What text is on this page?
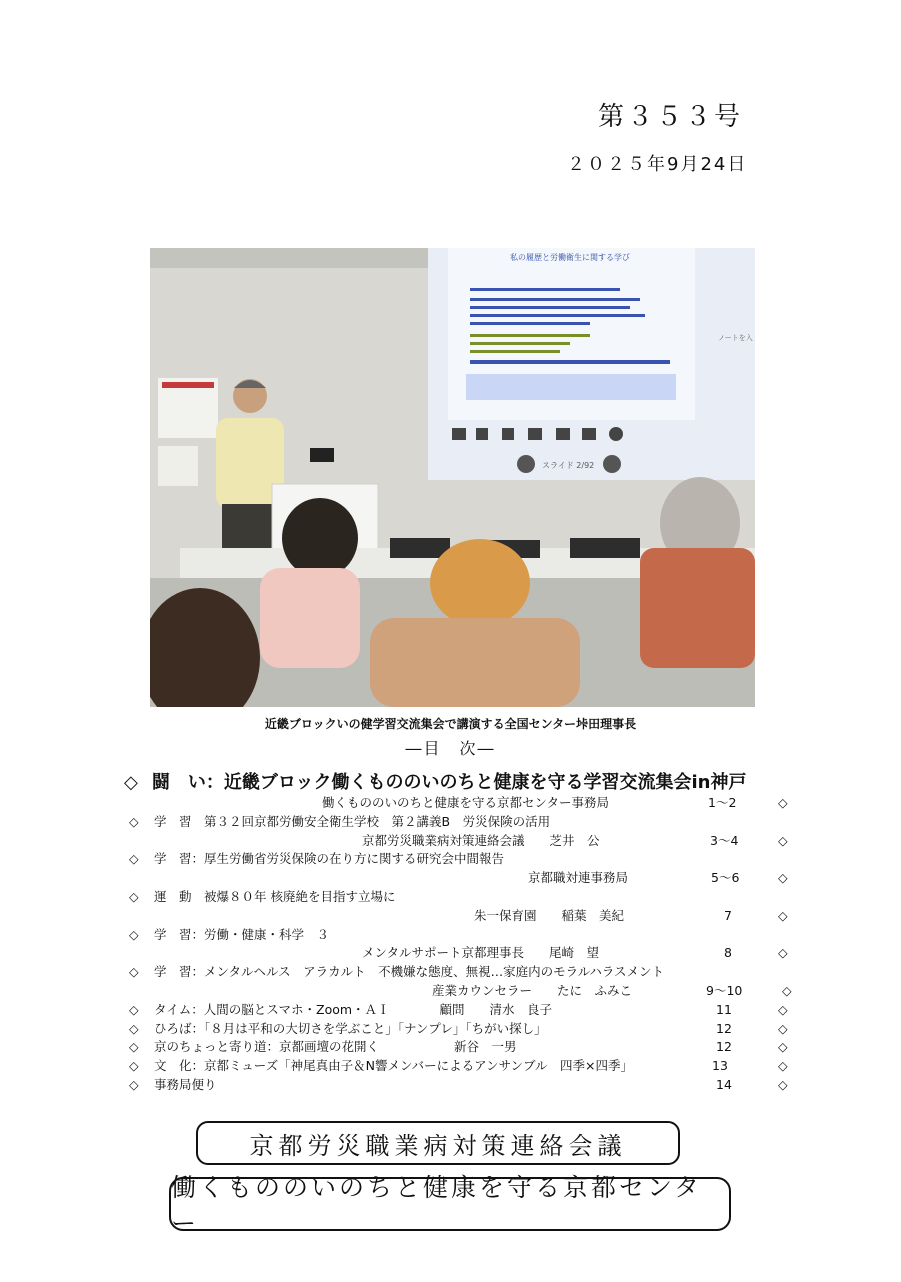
第３５３号
２０２５年9月24日
私の履歴と労働衛生に関する学び
スライド 2/92
ノートを入
近畿ブロックいの健学習交流集会で講演する全国センター垰田理事長
―目　次―
◇ 闘　い：近畿ブロック働くもののいのちと健康を守る学習交流集会in神戸
働くもののいのちと健康を守る京都センター事務局	1～2	◇
◇ 学　習　第３２回京都労働安全衛生学校　第２講義B　労災保険の活用
京都労災職業病対策連絡会議　　芝井　公	3～4	◇
◇ 学　習：厚生労働省労災保険の在り方に関する研究会中間報告
京都職対連事務局	5～6	◇
◇ 運　動　被爆８０年 核廃絶を目指す立場に
朱一保育園　　稲葉　美紀	7	◇
◇ 学　習：労働・健康・科学　３
メンタルサポート京都理事長　　尾崎　望	8	◇
◇ 学　習：メンタルヘルス　アラカルト　不機嫌な態度、無視…家庭内のモラルハラスメント
産業カウンセラー　　たに　ふみこ	9～10	◇
◇ タイム：人間の脳とスマホ・Zoom・ＡＩ　　　　顧問　　清水　良子	11	◇
◇ ひろば：「８月は平和の大切さを学ぶこと」「ナンプレ」「ちがい探し」	12	◇
◇ 京のちょっと寄り道：京都画壇の花開く　　　　　　新谷　一男	12	◇
◇ 文　化：京都ミューズ「神尾真由子＆N響メンバーによるアンサンブル　四季×四季」	13	◇
◇ 事務局便り	14	◇
京都労災職業病対策連絡会議
働くもののいのちと健康を守る京都センター
